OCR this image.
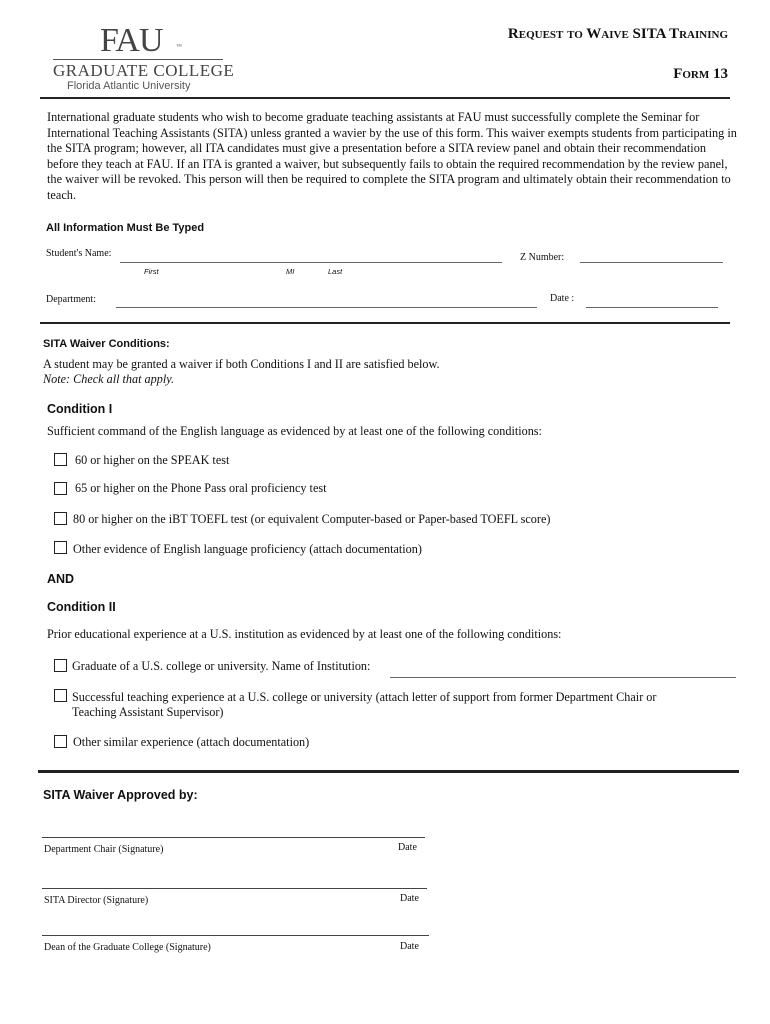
FAU ™
GRADUATE COLLEGE
Florida Atlantic University
Request to Waive SITA Training
Form 13
International graduate students who wish to become graduate teaching assistants at FAU must successfully complete the Seminar for International Teaching Assistants (SITA) unless granted a wavier by the use of this form. This waiver exempts students from participating in the SITA program; however, all ITA candidates must give a presentation before a SITA review panel and obtain their recommendation before they teach at FAU. If an ITA is granted a waiver, but subsequently fails to obtain the required recommendation by the review panel, the waiver will be revoked. This person will then be required to complete the SITA program and ultimately obtain their recommendation to teach.
All Information Must Be Typed
Student's Name:
First	MI	Last
Z Number:
Department:	Date :
SITA Waiver Conditions:
A student may be granted a waiver if both Conditions I and II are satisfied below.
Note: Check all that apply.
Condition I
Sufficient command of the English language as evidenced by at least one of the following conditions:
60 or higher on the SPEAK test
65 or higher on the Phone Pass oral proficiency test
80 or higher on the iBT TOEFL test (or equivalent Computer-based or Paper-based TOEFL score)
Other evidence of English language proficiency (attach documentation)
AND
Condition II
Prior educational experience at a U.S. institution as evidenced by at least one of the following conditions:
Graduate of a U.S. college or university. Name of Institution:
Successful teaching experience at a U.S. college or university (attach letter of support from former Department Chair or
Teaching Assistant Supervisor)
Other similar experience (attach documentation)
SITA Waiver Approved by:
Department Chair (Signature)	Date
SITA Director (Signature)	Date
Dean of the Graduate College (Signature)	Date
